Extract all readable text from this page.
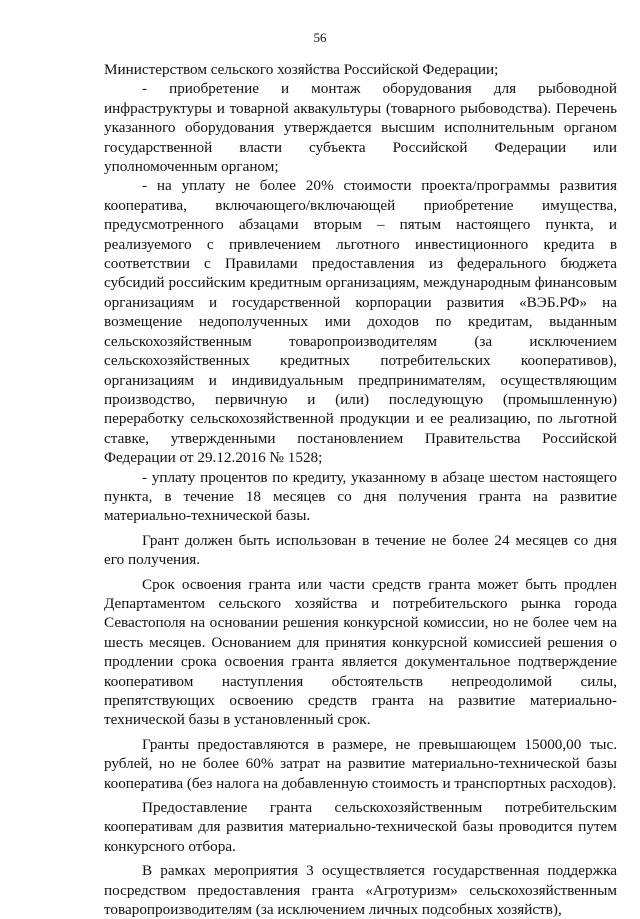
56

Министерством сельского хозяйства Российской Федерации;

- приобретение и монтаж оборудования для рыбоводной инфраструктуры и товарной аквакультуры (товарного рыбоводства). Перечень указанного оборудования утверждается высшим исполнительным органом государственной власти субъекта Российской Федерации или уполномоченным органом;

- на уплату не более 20% стоимости проекта/программы развития кооператива, включающего/включающей приобретение имущества, предусмотренного абзацами вторым – пятым настоящего пункта, и реализуемого с привлечением льготного инвестиционного кредита в соответствии с Правилами предоставления из федерального бюджета субсидий российским кредитным организациям, международным финансовым организациям и государственной корпорации развития «ВЭБ.РФ» на возмещение недополученных ими доходов по кредитам, выданным сельскохозяйственным товаропроизводителям (за исключением сельскохозяйственных кредитных потребительских кооперативов), организациям и индивидуальным предпринимателям, осуществляющим производство, первичную и (или) последующую (промышленную) переработку сельскохозяйственной продукции и ее реализацию, по льготной ставке, утвержденными постановлением Правительства Российской Федерации от 29.12.2016 № 1528;

- уплату процентов по кредиту, указанному в абзаце шестом настоящего пункта, в течение 18 месяцев со дня получения гранта на развитие материально-технической базы.

Грант должен быть использован в течение не более 24 месяцев со дня его получения.

Срок освоения гранта или части средств гранта может быть продлен Департаментом сельского хозяйства и потребительского рынка города Севастополя на основании решения конкурсной комиссии, но не более чем на шесть месяцев. Основанием для принятия конкурсной комиссией решения о продлении срока освоения гранта является документальное подтверждение кооперативом наступления обстоятельств непреодолимой силы, препятствующих освоению средств гранта на развитие материально-технической базы в установленный срок.

Гранты предоставляются в размере, не превышающем 15000,00 тыс. рублей, но не более 60% затрат на развитие материально-технической базы кооператива (без налога на добавленную стоимость и транспортных расходов).

Предоставление гранта сельскохозяйственным потребительским кооперативам для развития материально-технической базы проводится путем конкурсного отбора.

В рамках мероприятия 3 осуществляется государственная поддержка посредством предоставления гранта «Агротуризм» сельскохозяйственным товаропроизводителям (за исключением личных подсобных хозяйств),
